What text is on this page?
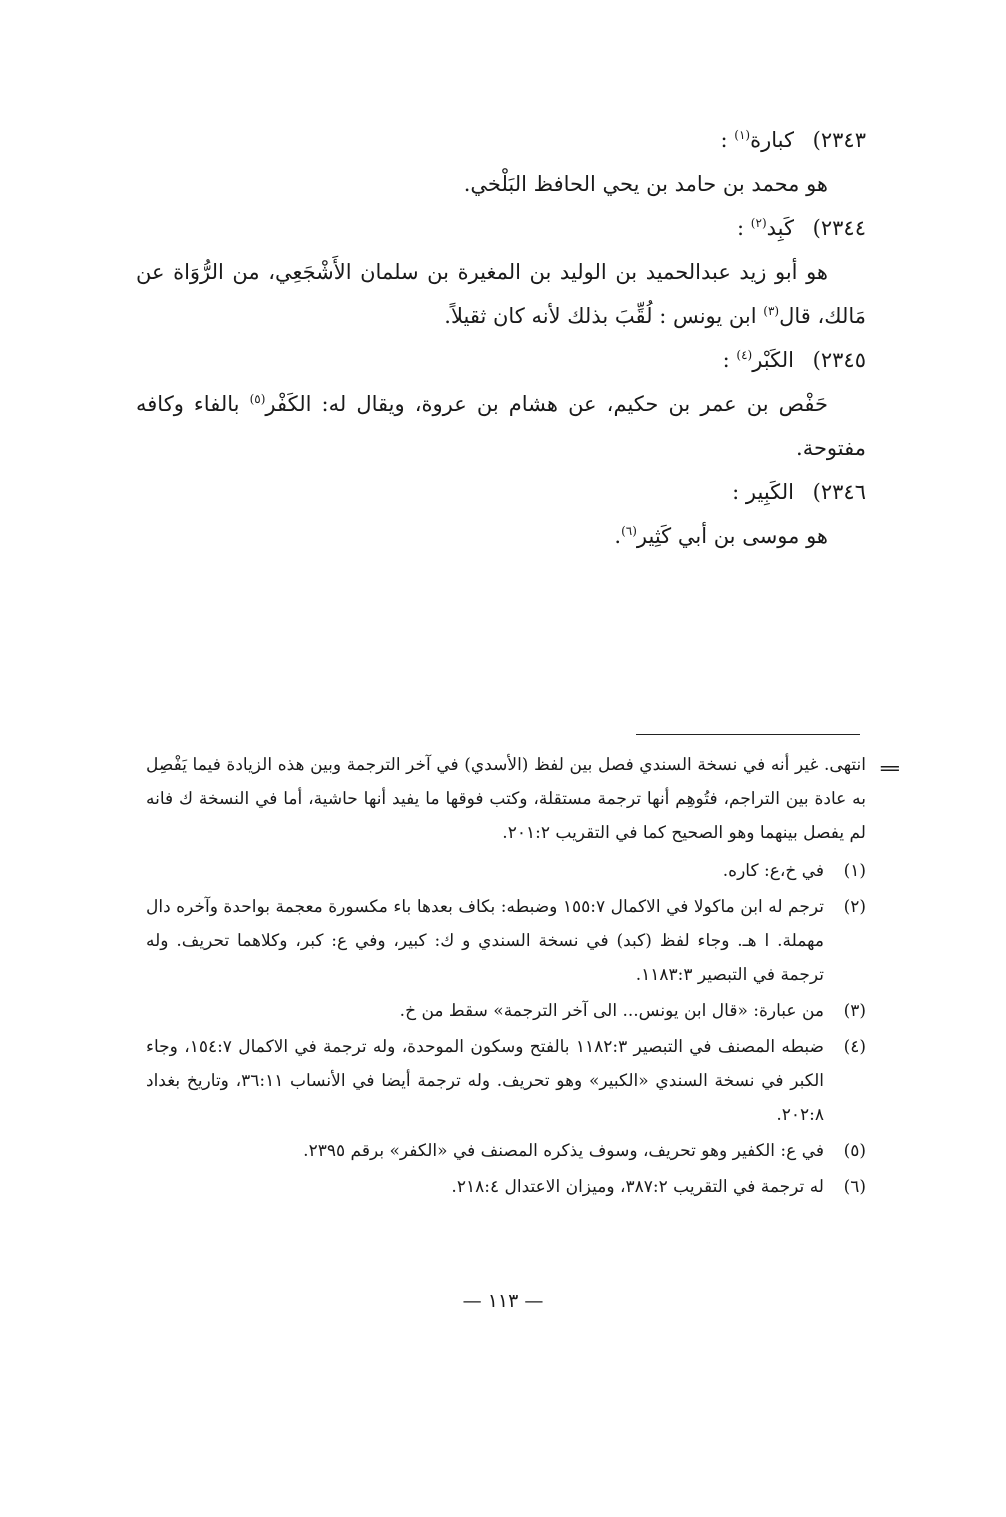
٢٣٤٣) كبارة$^{(١)}$ :
هو محمد بن حامد بن يحي الحافظ البَلْخي.
٢٣٤٤) كَبِد$^{(٢)}$ :
هو أبو زيد عبدالحميد بن الوليد بن المغيرة بن سلمان الأَشْجَعِي، من الرُّوَاة عن مَالك، قال$^{(٣)}$ ابن يونس : لُقِّبَ بذلك لأنه كان ثقيلاً.
٢٣٤٥) الكَبْر$^{(٤)}$ :
حَفْص بن عمر بن حكيم، عن هشام بن عروة، ويقال له: الكَفْر$^{(٥)}$ بالفاء وكافه مفتوحة.
٢٣٤٦) الكَبِير :
هو موسى بن أبي كَثِير$^{(٦)}$.
==
انتهى. غير أنه في نسخة السندي فصل بين لفظ (الأسدي) في آخر الترجمة وبين هذه الزيادة فيما يَفْصِل به عادة بين التراجم، فتُوهِم أنها ترجمة مستقلة، وكتب فوقها ما يفيد أنها حاشية، أما في النسخة ك فانه لم يفصل بينهما وهو الصحيح كما في التقريب ٢٠١:٢.
(١)
في خ،ع: كاره.
(٢)
ترجم له ابن ماكولا في الاكمال ١٥٥:٧ وضبطه: بكاف بعدها باء مكسورة معجمة بواحدة وآخره دال مهملة. ا هـ. وجاء لفظ (كبد) في نسخة السندي و ك: كبير، وفي ع: كبر، وكلاهما تحريف. وله ترجمة في التبصير ١١٨٣:٣.
(٣)
من عبارة: «قال ابن يونس... الى آخر الترجمة» سقط من خ.
(٤)
ضبطه المصنف في التبصير ١١٨٢:٣ بالفتح وسكون الموحدة، وله ترجمة في الاكمال ١٥٤:٧، وجاء الكبر في نسخة السندي «الكبير» وهو تحريف. وله ترجمة أيضا في الأنساب ٣٦:١١، وتاريخ بغداد ٢٠٢:٨.
(٥)
في ع: الكفير وهو تحريف، وسوف يذكره المصنف في «الكفر» برقم ٢٣٩٥.
(٦)
له ترجمة في التقريب ٣٨٧:٢، وميزان الاعتدال ٢١٨:٤.
— ١١٣ —
